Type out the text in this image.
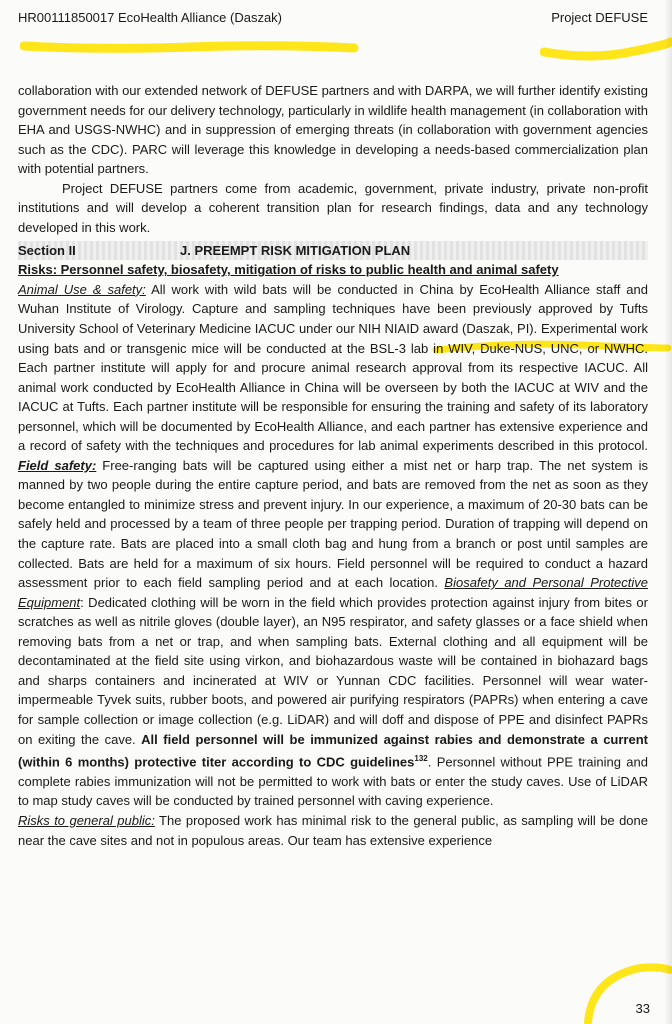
HR00111850017 EcoHealth Alliance (Daszak)	Project DEFUSE

collaboration with our extended network of DEFUSE partners and with DARPA, we will further identify existing government needs for our delivery technology, particularly in wildlife health management (in collaboration with EHA and USGS-NWHC) and in suppression of emerging threats (in collaboration with government agencies such as the CDC). PARC will leverage this knowledge in developing a needs-based commercialization plan with potential partners.

Project DEFUSE partners come from academic, government, private industry, private non-profit institutions and will develop a coherent transition plan for research findings, data and any technology developed in this work.

Section II	J. PREEMPT RISK MITIGATION PLAN

Risks: Personnel safety, biosafety, mitigation of risks to public health and animal safety

Animal Use & safety: All work with wild bats will be conducted in China by EcoHealth Alliance staff and Wuhan Institute of Virology. Capture and sampling techniques have been previously approved by Tufts University School of Veterinary Medicine IACUC under our NIH NIAID award (Daszak, PI). Experimental work using bats and or transgenic mice will be conducted at the BSL-3 lab in WIV, Duke-NUS, UNC, or NWHC. Each partner institute will apply for and procure animal research approval from its respective IACUC. All animal work conducted by EcoHealth Alliance in China will be overseen by both the IACUC at WIV and the IACUC at Tufts. Each partner institute will be responsible for ensuring the training and safety of its laboratory personnel, which will be documented by EcoHealth Alliance, and each partner has extensive experience and a record of safety with the techniques and procedures for lab animal experiments described in this protocol. Field safety: Free-ranging bats will be captured using either a mist net or harp trap. The net system is manned by two people during the entire capture period, and bats are removed from the net as soon as they become entangled to minimize stress and prevent injury. In our experience, a maximum of 20-30 bats can be safely held and processed by a team of three people per trapping period. Duration of trapping will depend on the capture rate. Bats are placed into a small cloth bag and hung from a branch or post until samples are collected. Bats are held for a maximum of six hours. Field personnel will be required to conduct a hazard assessment prior to each field sampling period and at each location. Biosafety and Personal Protective Equipment: Dedicated clothing will be worn in the field which provides protection against injury from bites or scratches as well as nitrile gloves (double layer), an N95 respirator, and safety glasses or a face shield when removing bats from a net or trap, and when sampling bats. External clothing and all equipment will be decontaminated at the field site using virkon, and biohazardous waste will be contained in biohazard bags and sharps containers and incinerated at WIV or Yunnan CDC facilities. Personnel will wear water-impermeable Tyvek suits, rubber boots, and powered air purifying respirators (PAPRs) when entering a cave for sample collection or image collection (e.g. LiDAR) and will doff and dispose of PPE and disinfect PAPRs on exiting the cave. All field personnel will be immunized against rabies and demonstrate a current (within 6 months) protective titer according to CDC guidelines$^{132}$. Personnel without PPE training and complete rabies immunization will not be permitted to work with bats or enter the study caves. Use of LiDAR to map study caves will be conducted by trained personnel with caving experience.

Risks to general public: The proposed work has minimal risk to the general public, as sampling will be done near the cave sites and not in populous areas. Our team has extensive experience

33
